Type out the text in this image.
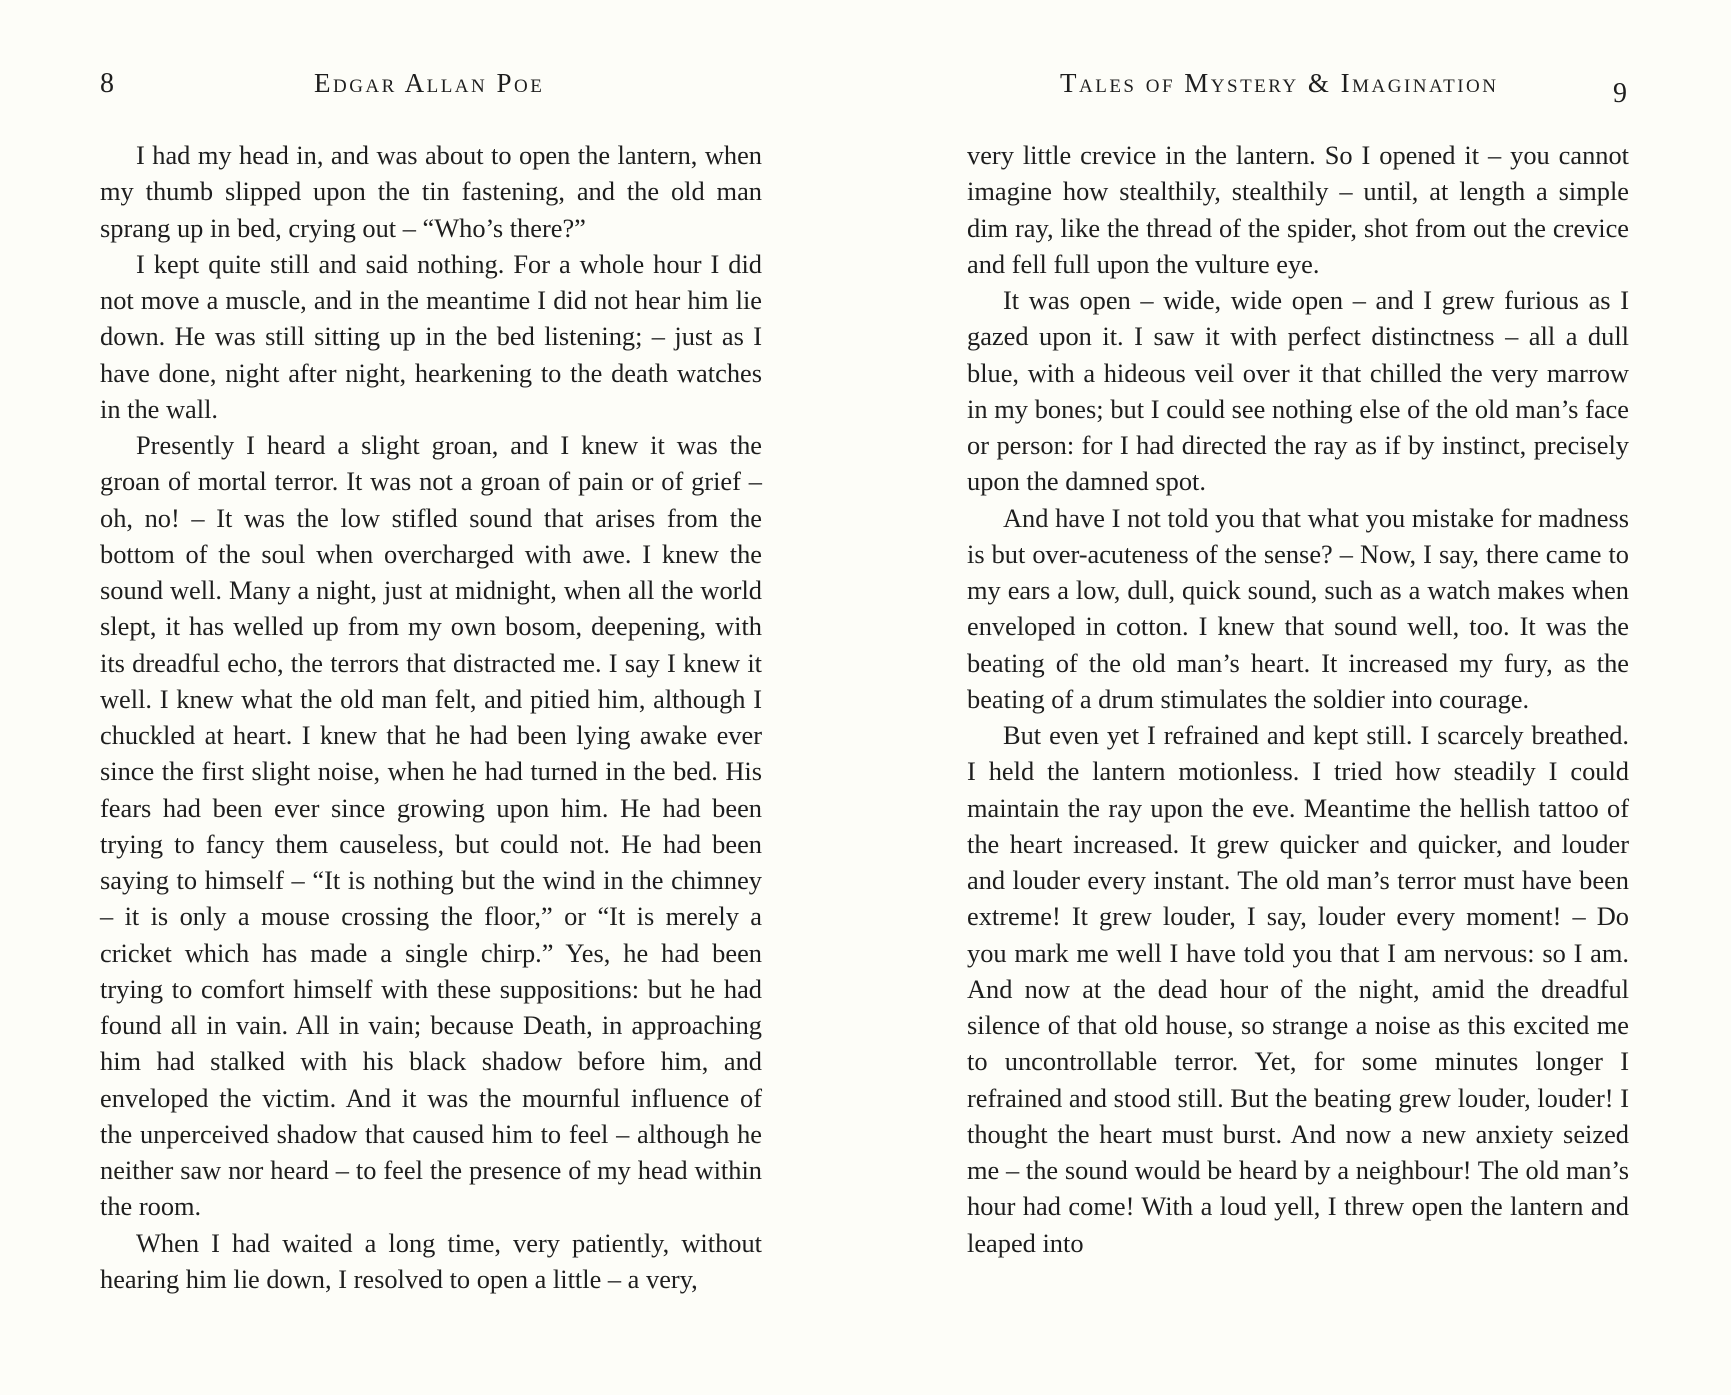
8	Edgar Allan Poe

I had my head in, and was about to open the lantern, when my thumb slipped upon the tin fastening, and the old man sprang up in bed, crying out – “Who’s there?”

I kept quite still and said nothing. For a whole hour I did not move a muscle, and in the meantime I did not hear him lie down. He was still sitting up in the bed listening; – just as I have done, night after night, hearkening to the death watches in the wall.

Presently I heard a slight groan, and I knew it was the groan of mortal terror. It was not a groan of pain or of grief – oh, no! – It was the low stifled sound that arises from the bottom of the soul when overcharged with awe. I knew the sound well. Many a night, just at midnight, when all the world slept, it has welled up from my own bosom, deepening, with its dreadful echo, the terrors that distracted me. I say I knew it well. I knew what the old man felt, and pitied him, although I chuckled at heart. I knew that he had been lying awake ever since the first slight noise, when he had turned in the bed. His fears had been ever since growing upon him. He had been trying to fancy them causeless, but could not. He had been saying to himself – “It is nothing but the wind in the chimney – it is only a mouse crossing the floor,” or “It is merely a cricket which has made a single chirp.” Yes, he had been trying to comfort himself with these suppositions: but he had found all in vain. All in vain; because Death, in approaching him had stalked with his black shadow before him, and enveloped the victim. And it was the mournful influence of the unperceived shadow that caused him to feel – although he neither saw nor heard – to feel the presence of my head within the room.

When I had waited a long time, very patiently, without hearing him lie down, I resolved to open a little – a very,

Tales of Mystery & Imagination	9

very little crevice in the lantern. So I opened it – you cannot imagine how stealthily, stealthily – until, at length a simple dim ray, like the thread of the spider, shot from out the crevice and fell full upon the vulture eye.

It was open – wide, wide open – and I grew furious as I gazed upon it. I saw it with perfect distinctness – all a dull blue, with a hideous veil over it that chilled the very marrow in my bones; but I could see nothing else of the old man’s face or person: for I had directed the ray as if by instinct, precisely upon the damned spot.

And have I not told you that what you mistake for madness is but over-acuteness of the sense? – Now, I say, there came to my ears a low, dull, quick sound, such as a watch makes when enveloped in cotton. I knew that sound well, too. It was the beating of the old man’s heart. It increased my fury, as the beating of a drum stimulates the soldier into courage.

But even yet I refrained and kept still. I scarcely breathed. I held the lantern motionless. I tried how steadily I could maintain the ray upon the eve. Meantime the hellish tattoo of the heart increased. It grew quicker and quicker, and louder and louder every instant. The old man’s terror must have been extreme! It grew louder, I say, louder every moment! – Do you mark me well I have told you that I am nervous: so I am. And now at the dead hour of the night, amid the dreadful silence of that old house, so strange a noise as this excited me to uncontrollable terror. Yet, for some minutes longer I refrained and stood still. But the beating grew louder, louder! I thought the heart must burst. And now a new anxiety seized me – the sound would be heard by a neighbour! The old man’s hour had come! With a loud yell, I threw open the lantern and leaped into
